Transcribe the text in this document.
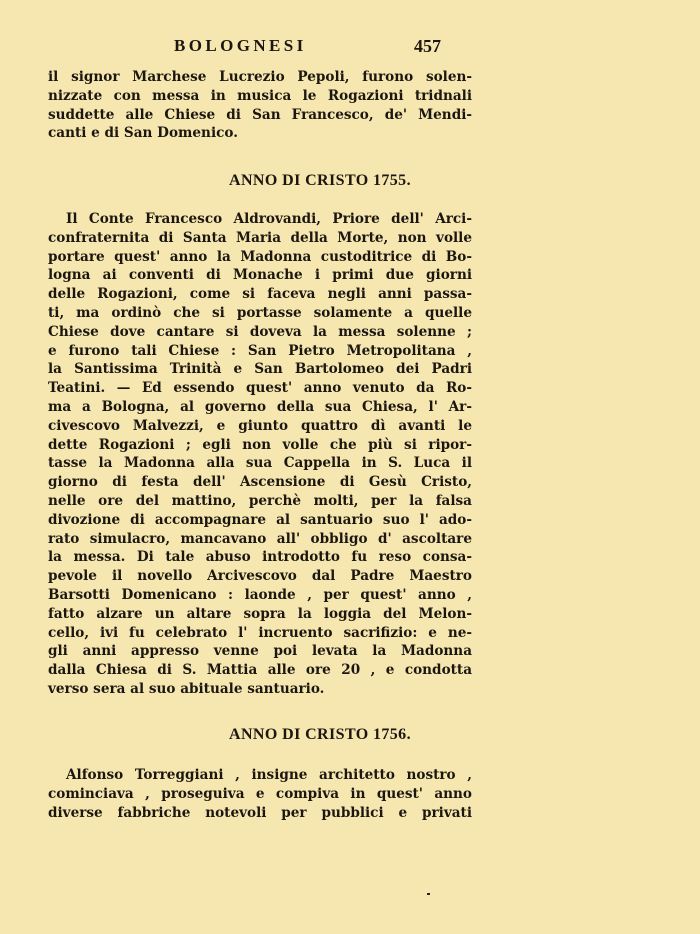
BOLOGNESI	457
il signor Marchese Lucrezio Pepoli, furono solen-
nizzate con messa in musica le Rogazioni tridnali
suddette alle Chiese di San Francesco, de' Mendi-
canti e di San Domenico.
ANNO DI CRISTO 1755.
Il Conte Francesco Aldrovandi, Priore dell' Arci-
confraternita di Santa Maria della Morte, non volle
portare quest' anno la Madonna custoditrice di Bo-
logna ai conventi di Monache i primi due giorni
delle Rogazioni, come si faceva negli anni passa-
ti, ma ordinò che si portasse solamente a quelle
Chiese dove cantare si doveva la messa solenne ;
e furono tali Chiese : San Pietro Metropolitana ,
la Santissima Trinità e San Bartolomeo dei Padri
Teatini. — Ed essendo quest' anno venuto da Ro-
ma a Bologna, al governo della sua Chiesa, l' Ar-
civescovo Malvezzi, e giunto quattro dì avanti le
dette Rogazioni ; egli non volle che più si ripor-
tasse la Madonna alla sua Cappella in S. Luca il
giorno di festa dell' Ascensione di Gesù Cristo,
nelle ore del mattino, perchè molti, per la falsa
divozione di accompagnare al santuario suo l' ado-
rato simulacro, mancavano all' obbligo d' ascoltare
la messa. Di tale abuso introdotto fu reso consa-
pevole il novello Arcivescovo dal Padre Maestro
Barsotti Domenicano : laonde , per quest' anno ,
fatto alzare un altare sopra la loggia del Melon-
cello, ivi fu celebrato l' incruento sacrifizio: e ne-
gli anni appresso venne poi levata la Madonna
dalla Chiesa di S. Mattia alle ore 20 , e condotta
verso sera al suo abituale santuario.
ANNO DI CRISTO 1756.
Alfonso Torreggiani , insigne architetto nostro ,
cominciava , proseguiva e compiva in quest' anno
diverse fabbriche notevoli per pubblici e privati
